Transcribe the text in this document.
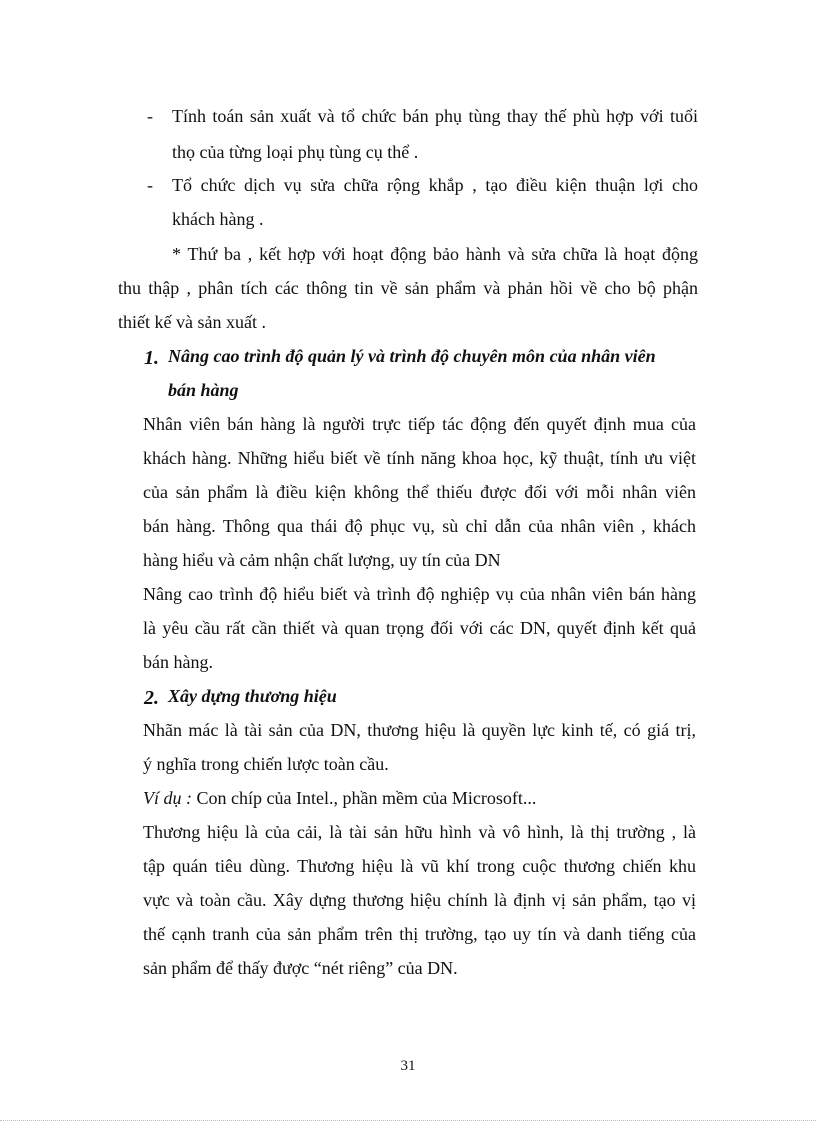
- Tính toán sản xuất và tổ chức bán phụ tùng thay thế phù hợp với tuổi
thọ của từng loại phụ tùng cụ thể .
- Tổ chức dịch vụ sửa chữa rộng khắp , tạo điều kiện thuận lợi cho
khách hàng .
* Thứ ba , kết hợp với hoạt động bảo hành và sửa chữa là hoạt động
thu thập , phân tích các thông tin về sản phẩm và phản hồi về cho bộ phận
thiết kế và sản xuất .
1. Nâng cao trình độ quản lý và trình độ chuyên môn của nhân viên
bán hàng
Nhân viên bán hàng là người trực tiếp tác động đến quyết định mua của
khách hàng. Những hiểu biết về tính năng khoa học, kỹ thuật, tính ưu việt
của sản phẩm là điều kiện không thể thiếu được đối với mỗi nhân viên
bán hàng. Thông qua thái độ phục vụ, sù chỉ dẫn của nhân viên , khách
hàng hiểu và cảm nhận chất lượng, uy tín của DN
Nâng cao trình độ hiểu biết và trình độ nghiệp vụ của nhân viên bán hàng
là yêu cầu rất cần thiết và quan trọng đối với các DN, quyết định kết quả
bán hàng.
2. Xây dựng thương hiệu
Nhãn mác là tài sản của DN, thương hiệu là quyền lực kinh tế, có giá trị,
ý nghĩa trong chiến lược toàn cầu.
Ví dụ : Con chíp của Intel., phần mềm của Microsoft...
Thương hiệu là của cải, là tài sản hữu hình và vô hình, là thị trường , là
tập quán tiêu dùng. Thương hiệu là vũ khí trong cuộc thương chiến khu
vực và toàn cầu. Xây dựng thương hiệu chính là định vị sản phẩm, tạo vị
thế cạnh tranh của sản phẩm trên thị trường, tạo uy tín và danh tiếng của
sản phẩm để thấy được “nét riêng” của DN.
31
